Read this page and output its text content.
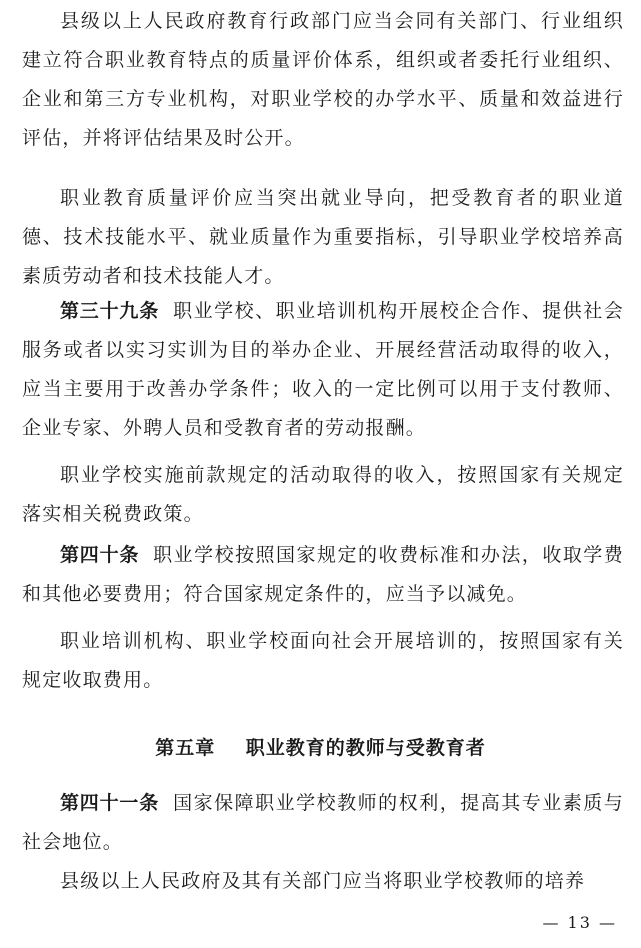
县级以上人民政府教育行政部门应当会同有关部门、行业组织建立符合职业教育特点的质量评价体系，组织或者委托行业组织、企业和第三方专业机构，对职业学校的办学水平、质量和效益进行评估，并将评估结果及时公开。

职业教育质量评价应当突出就业导向，把受教育者的职业道德、技术技能水平、就业质量作为重要指标，引导职业学校培养高素质劳动者和技术技能人才。

第三十九条 职业学校、职业培训机构开展校企合作、提供社会服务或者以实习实训为目的举办企业、开展经营活动取得的收入，应当主要用于改善办学条件；收入的一定比例可以用于支付教师、企业专家、外聘人员和受教育者的劳动报酬。

职业学校实施前款规定的活动取得的收入，按照国家有关规定落实相关税费政策。

第四十条 职业学校按照国家规定的收费标准和办法，收取学费和其他必要费用；符合国家规定条件的，应当予以减免。

职业培训机构、职业学校面向社会开展培训的，按照国家有关规定收取费用。

第五章 职业教育的教师与受教育者

第四十一条 国家保障职业学校教师的权利，提高其专业素质与社会地位。

县级以上人民政府及其有关部门应当将职业学校教师的培养

— 13 —
